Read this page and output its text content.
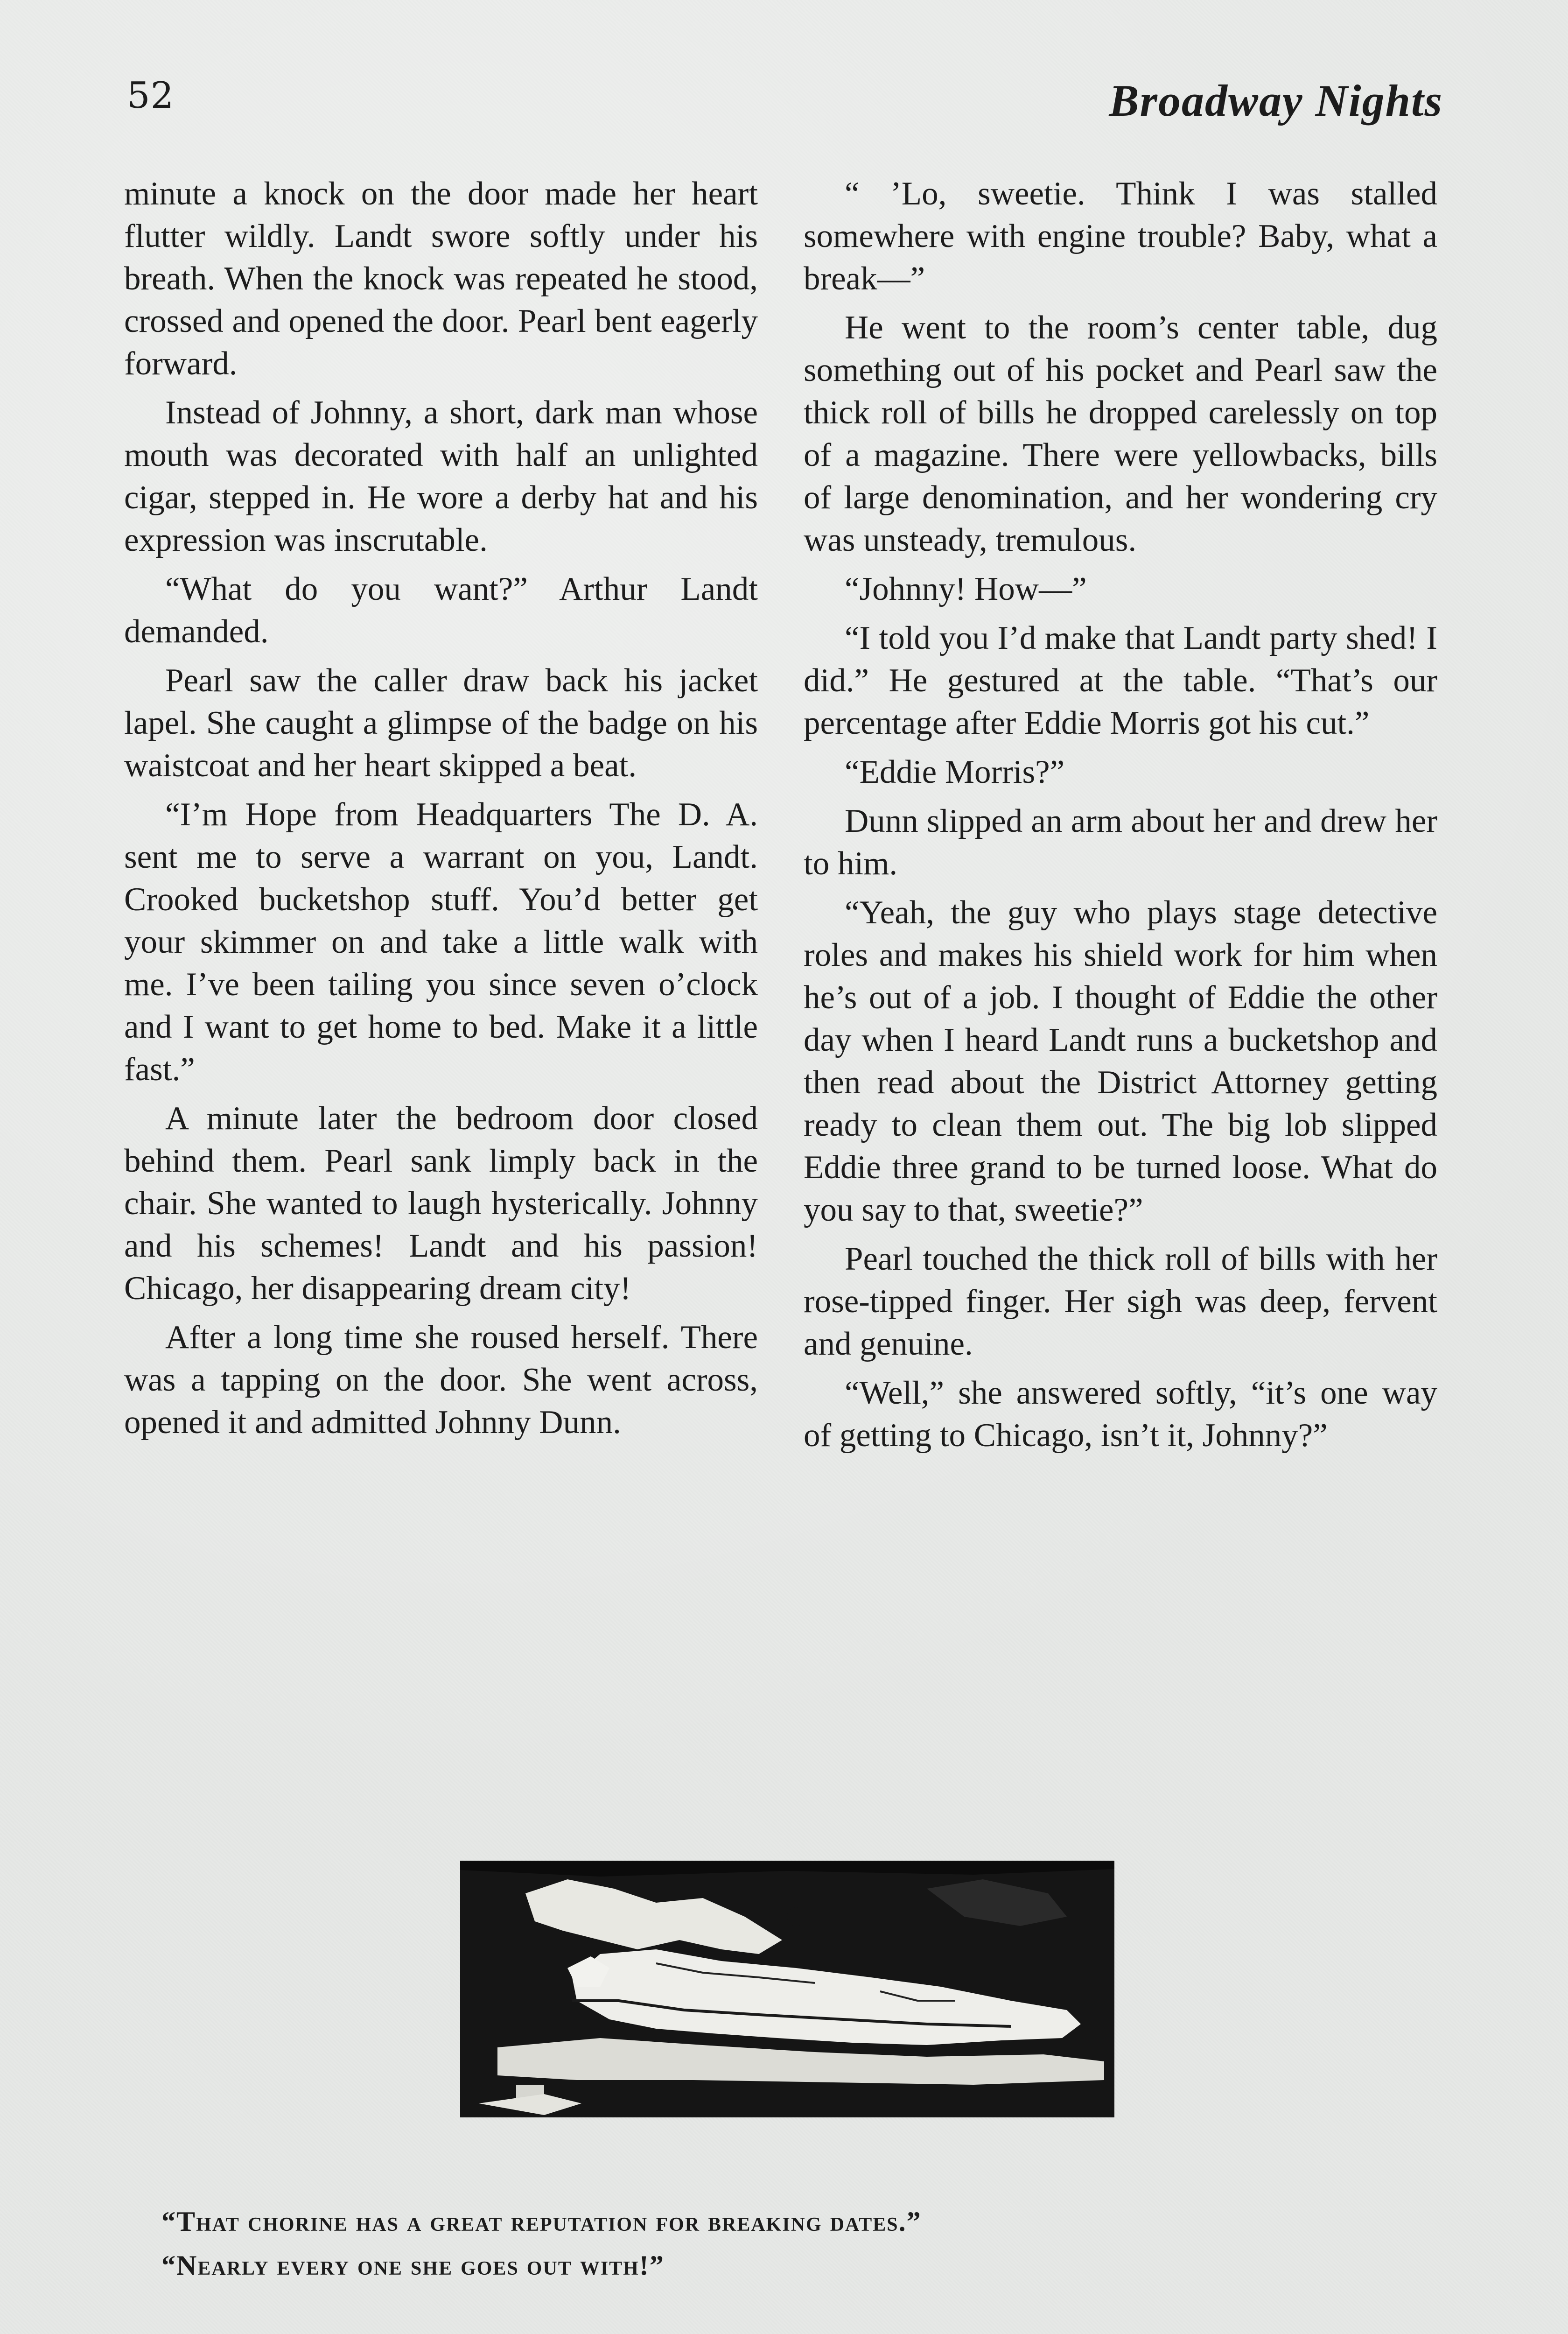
52	Broadway Nights

minute a knock on the door made her heart flutter wildly. Landt swore softly under his breath. When the knock was repeated he stood, crossed and opened the door. Pearl bent eagerly forward.

Instead of Johnny, a short, dark man whose mouth was decorated with half an unlighted cigar, stepped in. He wore a derby hat and his expression was inscrutable.

“What do you want?” Arthur Landt demanded.

Pearl saw the caller draw back his jacket lapel. She caught a glimpse of the badge on his waistcoat and her heart skipped a beat.

“I’m Hope from Headquarters The D. A. sent me to serve a warrant on you, Landt. Crooked bucketshop stuff. You’d better get your skimmer on and take a little walk with me. I’ve been tailing you since seven o’clock and I want to get home to bed. Make it a little fast.”

A minute later the bedroom door closed behind them. Pearl sank limply back in the chair. She wanted to laugh hysterically. Johnny and his schemes! Landt and his passion! Chicago, her disappearing dream city!

After a long time she roused herself. There was a tapping on the door. She went across, opened it and admitted Johnny Dunn.

“ ’Lo, sweetie. Think I was stalled somewhere with engine trouble? Baby, what a break—”

He went to the room’s center table, dug something out of his pocket and Pearl saw the thick roll of bills he dropped carelessly on top of a magazine. There were yellowbacks, bills of large denomination, and her wondering cry was unsteady, tremulous.

“Johnny! How—”

“I told you I’d make that Landt party shed! I did.” He gestured at the table. “That’s our percentage after Eddie Morris got his cut.”

“Eddie Morris?”

Dunn slipped an arm about her and drew her to him.

“Yeah, the guy who plays stage detective roles and makes his shield work for him when he’s out of a job. I thought of Eddie the other day when I heard Landt runs a bucketshop and then read about the District Attorney getting ready to clean them out. The big lob slipped Eddie three grand to be turned loose. What do you say to that, sweetie?”

Pearl touched the thick roll of bills with her rose-tipped finger. Her sigh was deep, fervent and genuine.

“Well,” she answered softly, “it’s one way of getting to Chicago, isn’t it, Johnny?”

“That chorine has a great reputation for breaking dates.”
“Nearly every one she goes out with!”
